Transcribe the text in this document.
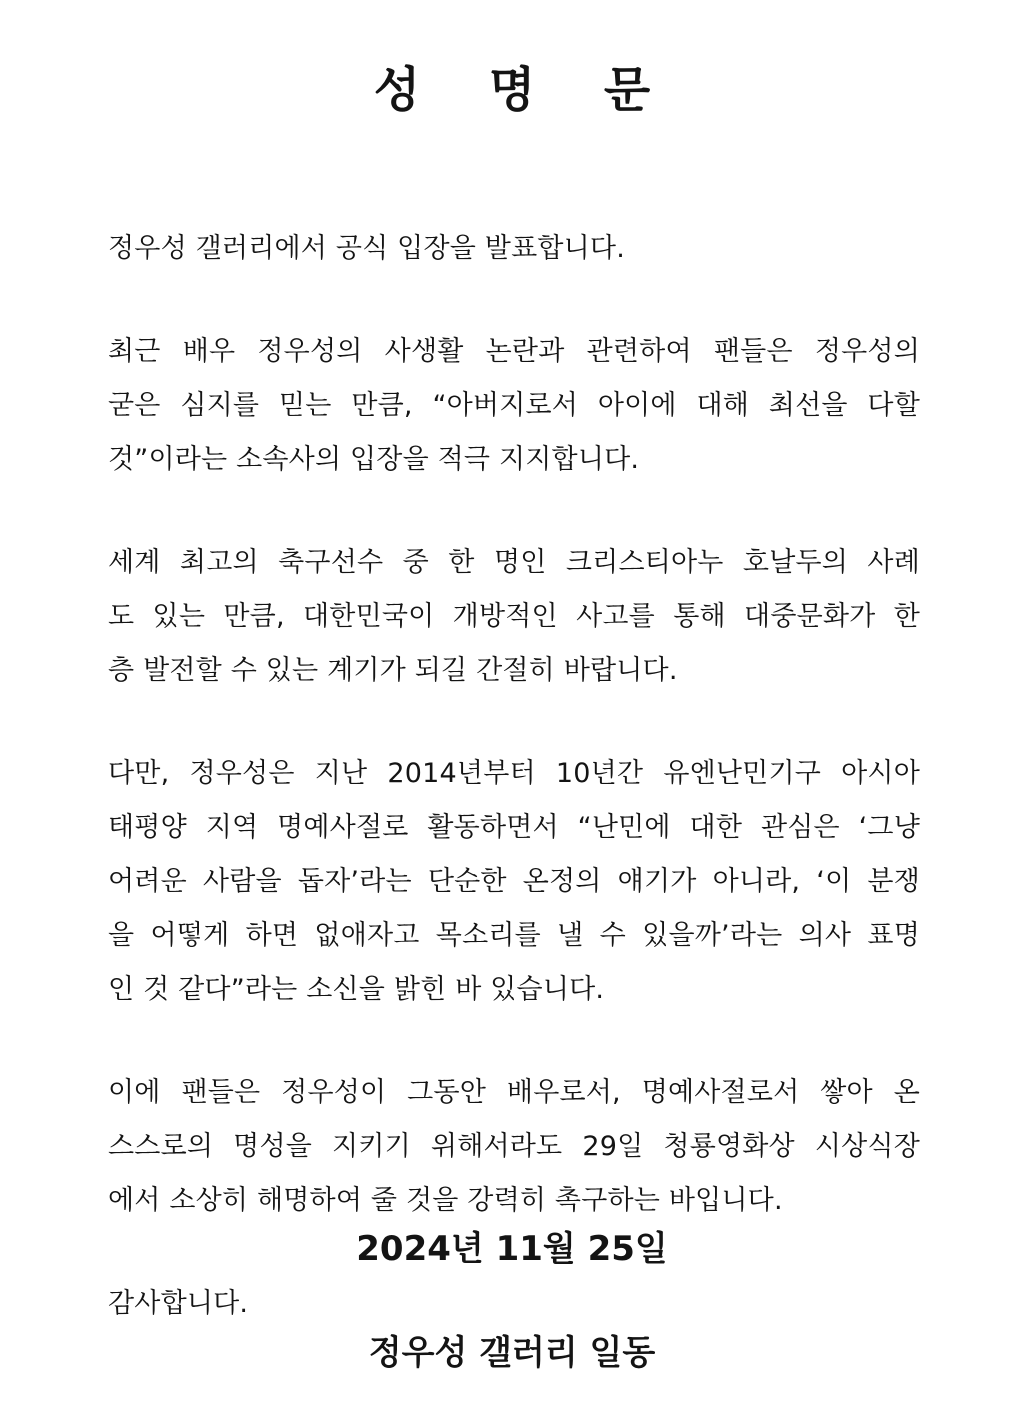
성 명 문

정우성 갤러리에서 공식 입장을 발표합니다.

최근 배우 정우성의 사생활 논란과 관련하여 팬들은 정우성의
굳은 심지를 믿는 만큼, “아버지로서 아이에 대해 최선을 다할
것”이라는 소속사의 입장을 적극 지지합니다.

세계 최고의 축구선수 중 한 명인 크리스티아누 호날두의 사례
도 있는 만큼, 대한민국이 개방적인 사고를 통해 대중문화가 한
층 발전할 수 있는 계기가 되길 간절히 바랍니다.

다만, 정우성은 지난 2014년부터 10년간 유엔난민기구 아시아
태평양 지역 명예사절로 활동하면서 “난민에 대한 관심은 ‘그냥
어려운 사람을 돕자’라는 단순한 온정의 얘기가 아니라, ‘이 분쟁
을 어떻게 하면 없애자고 목소리를 낼 수 있을까’라는 의사 표명
인 것 같다”라는 소신을 밝힌 바 있습니다.

이에 팬들은 정우성이 그동안 배우로서, 명예사절로서 쌓아 온
스스로의 명성을 지키기 위해서라도 29일 청룡영화상 시상식장
에서 소상히 해명하여 줄 것을 강력히 촉구하는 바입니다.

감사합니다.

2024년 11월 25일
정우성 갤러리 일동
